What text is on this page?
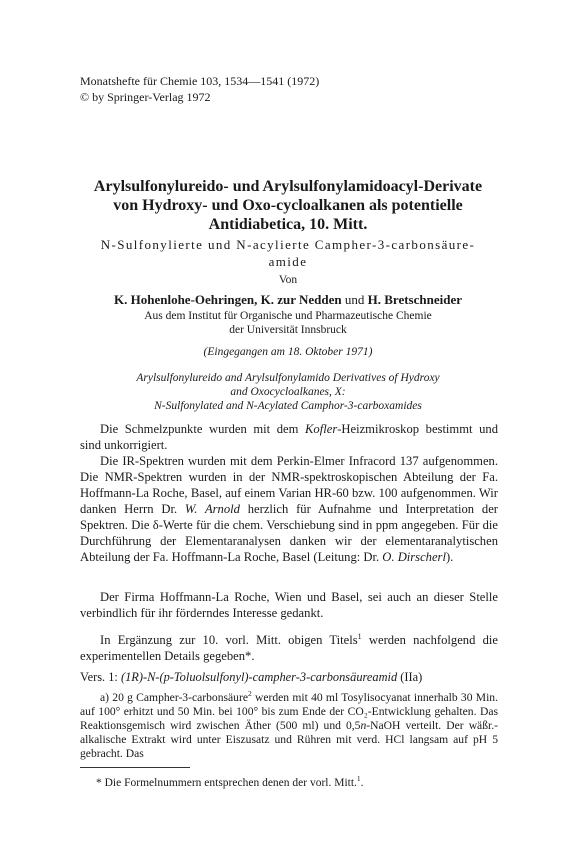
Monatshefte für Chemie 103, 1534—1541 (1972)
© by Springer-Verlag 1972
Arylsulfonylureido- und Arylsulfonylamidoacyl-Derivate
von Hydroxy- und Oxo-cycloalkanen als potentielle
Antidiabetica, 10. Mitt.
N-Sulfonylierte und N-acylierte Campher-3-carbonsäure-
amide
Von
K. Hohenlohe-Oehringen, K. zur Nedden und H. Bretschneider
Aus dem Institut für Organische und Pharmazeutische Chemie
der Universität Innsbruck
(Eingegangen am 18. Oktober 1971)
Arylsulfonylureido and Arylsulfonylamido Derivatives of Hydroxy
and Oxocycloalkanes, X:
N-Sulfonylated and N-Acylated Camphor-3-carboxamides
Die Schmelzpunkte wurden mit dem Kofler-Heizmikroskop bestimmt und sind unkorrigiert.
Die IR-Spektren wurden mit dem Perkin-Elmer Infracord 137 aufgenommen. Die NMR-Spektren wurden in der NMR-spektroskopischen Abteilung der Fa. Hoffmann-La Roche, Basel, auf einem Varian HR-60 bzw. 100 aufgenommen. Wir danken Herrn Dr. W. Arnold herzlich für Aufnahme und Interpretation der Spektren. Die δ-Werte für die chem. Verschiebung sind in ppm angegeben. Für die Durchführung der Elementaranalysen danken wir der elementaranalytischen Abteilung der Fa. Hoffmann-La Roche, Basel (Leitung: Dr. O. Dirscherl).
Der Firma Hoffmann-La Roche, Wien und Basel, sei auch an dieser Stelle verbindlich für ihr förderndes Interesse gedankt.
In Ergänzung zur 10. vorl. Mitt. obigen Titels$^1$ werden nachfolgend die experimentellen Details gegeben*.
Vers. 1: (1R)-N-(p-Toluolsulfonyl)-campher-3-carbonsäureamid (IIa)
a) 20 g Campher-3-carbonsäure$^2$ werden mit 40 ml Tosylisocyanat innerhalb 30 Min. auf 100° erhitzt und 50 Min. bei 100° bis zum Ende der CO₂-Entwicklung gehalten. Das Reaktionsgemisch wird zwischen Äther (500 ml) und 0,5n-NaOH verteilt. Der wäßr.-alkalische Extrakt wird unter Eiszusatz und Rühren mit verd. HCl langsam auf pH 5 gebracht. Das
* Die Formelnummern entsprechen denen der vorl. Mitt.$^1$.
